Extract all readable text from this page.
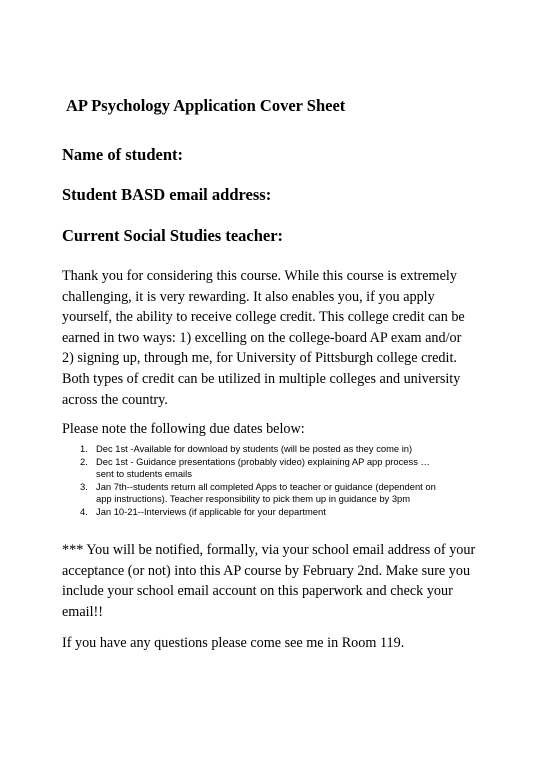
AP Psychology Application Cover Sheet
Name of student:
Student BASD email address:
Current Social Studies teacher:
Thank you for considering this course. While this course is extremely
challenging, it is very rewarding. It also enables you, if you apply
yourself, the ability to receive college credit. This college credit can be
earned in two ways: 1) excelling on the college-board AP exam and/or
2) signing up, through me, for University of Pittsburgh college credit.
Both types of credit can be utilized in multiple colleges and university
across the country.
Please note the following due dates below:
1. Dec 1st -Available for download by students (will be posted as they come in)
2. Dec 1st - Guidance presentations (probably video) explaining AP app process …
sent to students emails
3. Jan 7th--students return all completed Apps to teacher or guidance (dependent on
app instructions). Teacher responsibility to pick them up in guidance by 3pm
4. Jan 10-21--Interviews (if applicable for your department
*** You will be notified, formally, via your school email address of your
acceptance (or not) into this AP course by February 2nd. Make sure you
include your school email account on this paperwork and check your
email!!
If you have any questions please come see me in Room 119.
